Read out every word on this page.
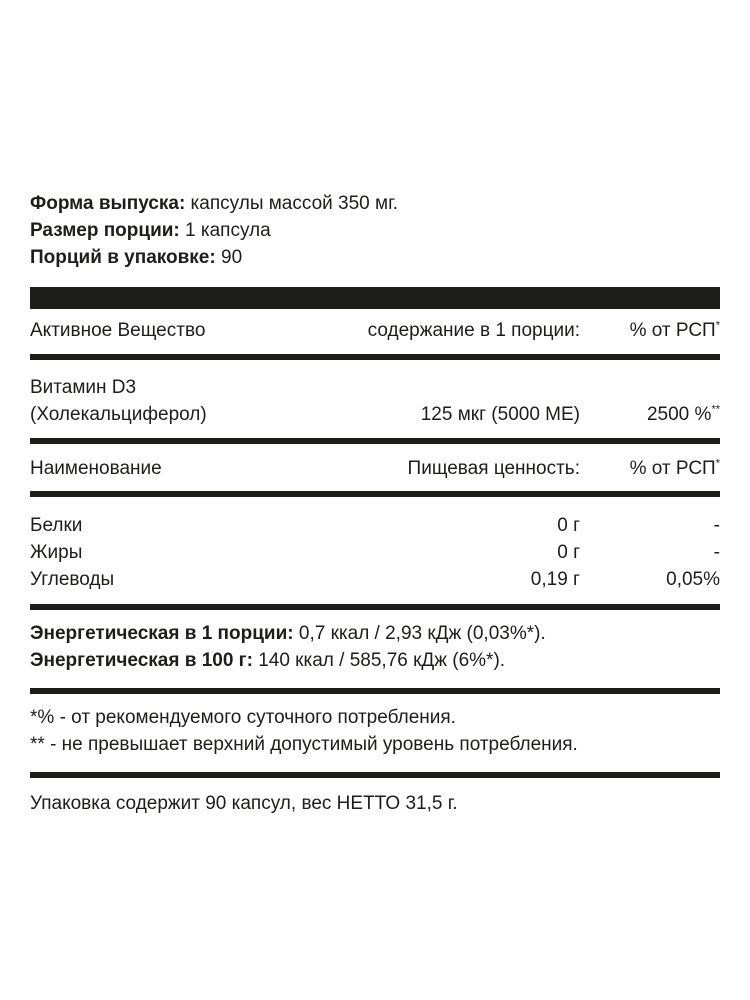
Форма выпуска: капсулы массой 350 мг.
Размер порции: 1 капсула
Порций в упаковке: 90
Активное Вещество	содержание в 1 порции:	% от РСП*
Витамин D3
(Холекальциферол)	125 мкг (5000 МЕ)	2500 %**
Наименование	Пищевая ценность:	% от РСП*
Белки	0 г	-
Жиры	0 г	-
Углеводы	0,19 г	0,05%
Энергетическая в 1 порции: 0,7 ккал / 2,93 кДж (0,03%*).
Энергетическая в 100 г: 140 ккал / 585,76 кДж (6%*).
*% - от рекомендуемого суточного потребления.
** - не превышает верхний допустимый уровень потребления.
Упаковка содержит 90 капсул, вес НЕТТО 31,5 г.
